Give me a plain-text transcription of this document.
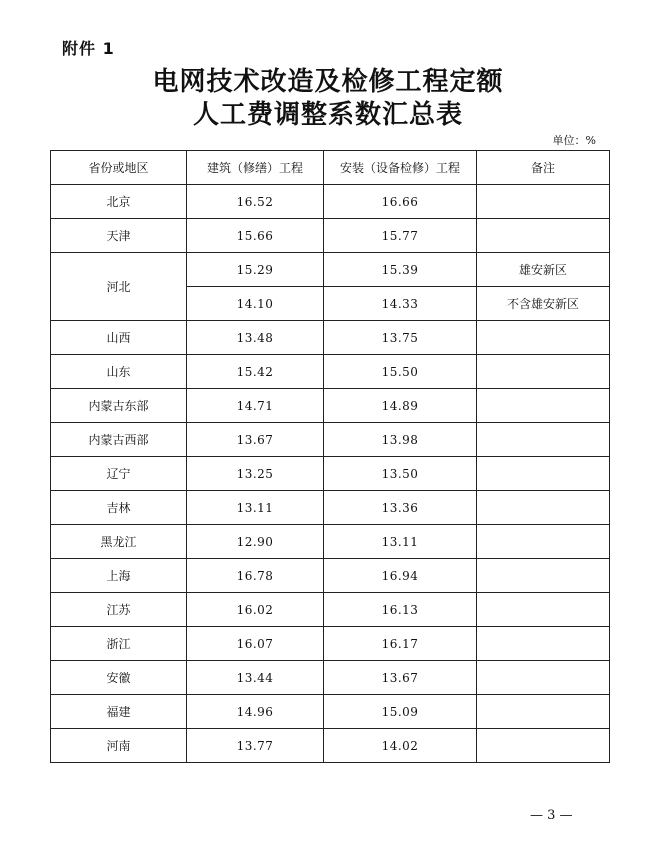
附件 1
电网技术改造及检修工程定额
人工费调整系数汇总表
单位：%
省份或地区	建筑（修缮）工程	安装（设备检修）工程	备注
北京	16.52	16.66	
天津	15.66	15.77	
河北	15.29	15.39	雄安新区
	14.10	14.33	不含雄安新区
山西	13.48	13.75	
山东	15.42	15.50	
内蒙古东部	14.71	14.89	
内蒙古西部	13.67	13.98	
辽宁	13.25	13.50	
吉林	13.11	13.36	
黑龙江	12.90	13.11	
上海	16.78	16.94	
江苏	16.02	16.13	
浙江	16.07	16.17	
安徽	13.44	13.67	
福建	14.96	15.09	
河南	13.77	14.02	
— 3 —
